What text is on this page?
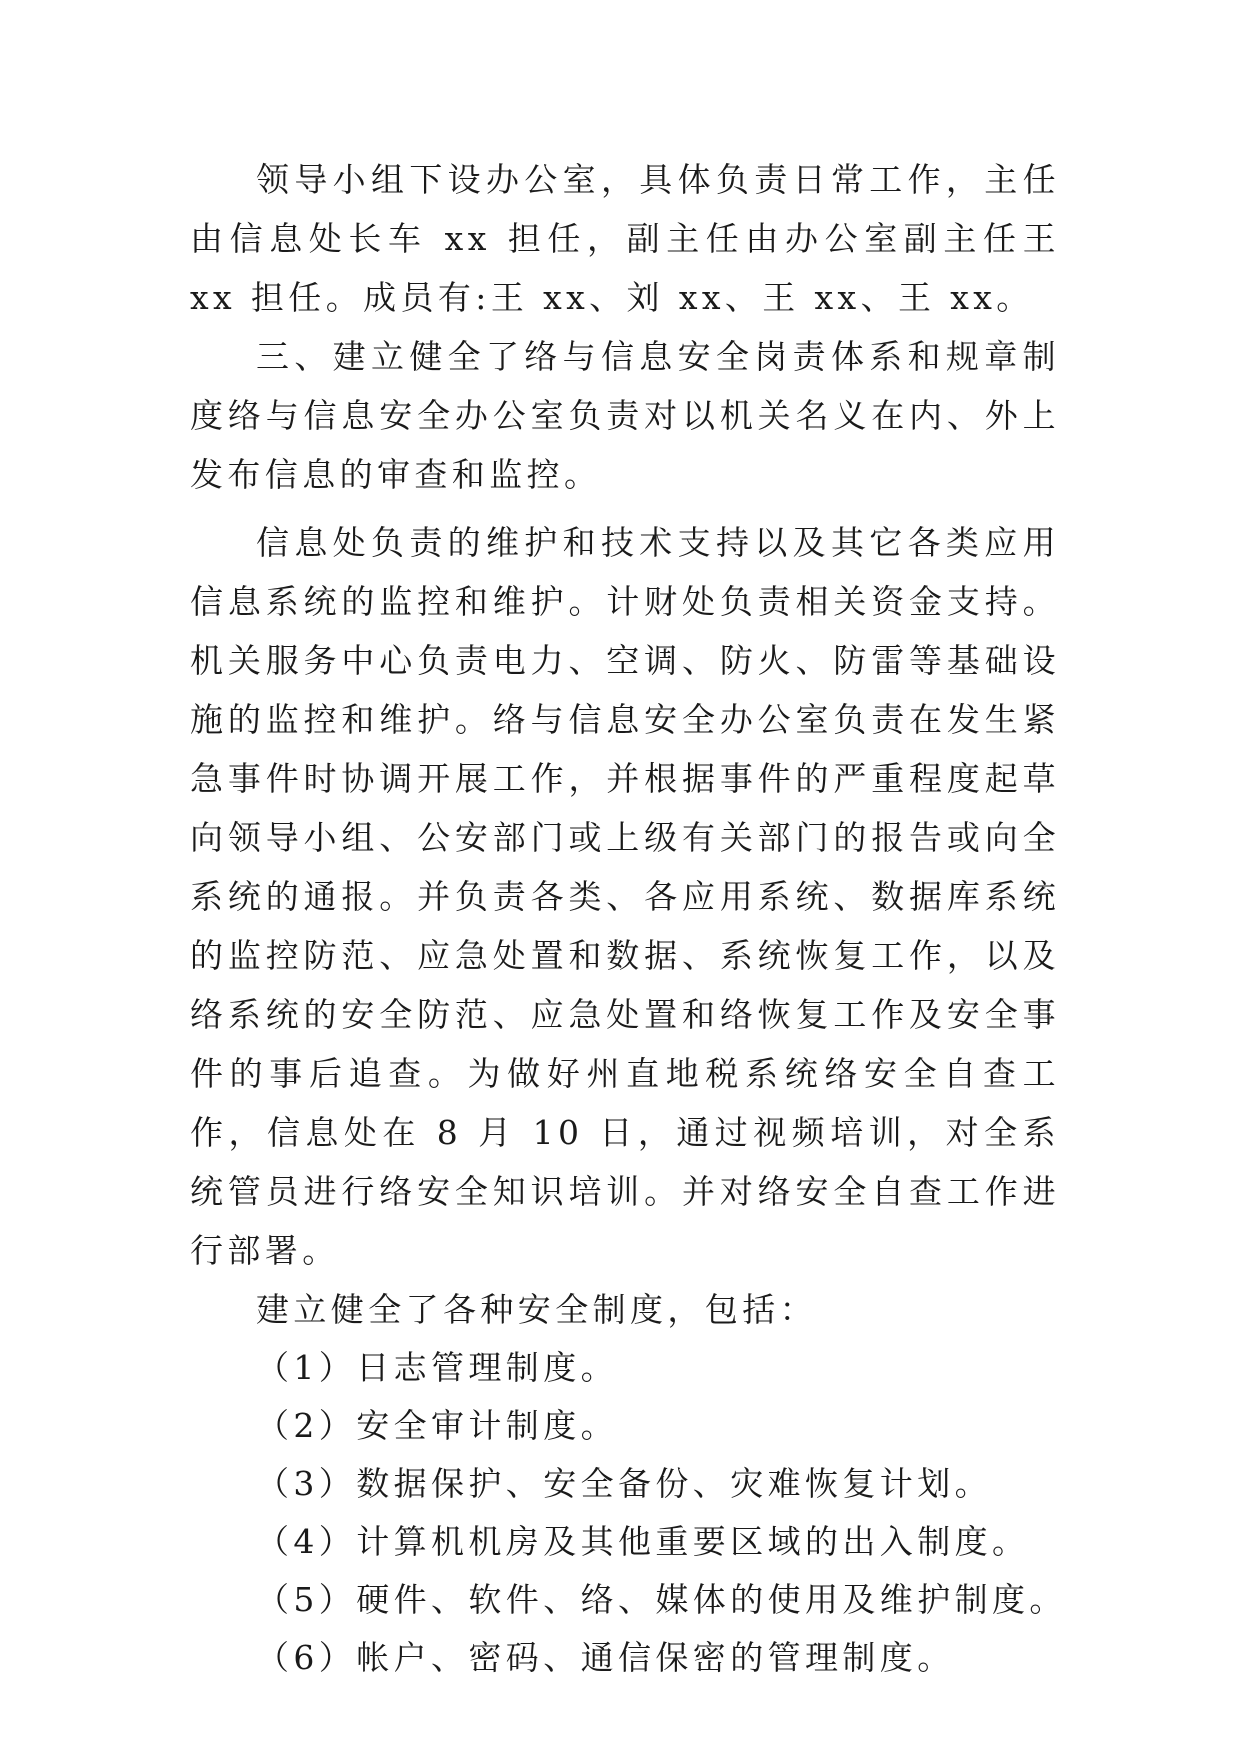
领导小组下设办公室，具体负责日常工作，主任由信息处长车 xx 担任，副主任由办公室副主任王 xx 担任。成员有:王 xx、刘 xx、王 xx、王 xx。

三、建立健全了络与信息安全岗责体系和规章制度络与信息安全办公室负责对以机关名义在内、外上发布信息的审查和监控。

信息处负责的维护和技术支持以及其它各类应用信息系统的监控和维护。计财处负责相关资金支持。机关服务中心负责电力、空调、防火、防雷等基础设施的监控和维护。络与信息安全办公室负责在发生紧急事件时协调开展工作，并根据事件的严重程度起草向领导小组、公安部门或上级有关部门的报告或向全系统的通报。并负责各类、各应用系统、数据库系统的监控防范、应急处置和数据、系统恢复工作，以及络系统的安全防范、应急处置和络恢复工作及安全事件的事后追查。为做好州直地税系统络安全自查工作，信息处在 8 月 10 日，通过视频培训，对全系统管员进行络安全知识培训。并对络安全自查工作进行部署。

建立健全了各种安全制度，包括：

（1）日志管理制度。

（2）安全审计制度。

（3）数据保护、安全备份、灾难恢复计划。

（4）计算机机房及其他重要区域的出入制度。

（5）硬件、软件、络、媒体的使用及维护制度。

（6）帐户、密码、通信保密的管理制度。
